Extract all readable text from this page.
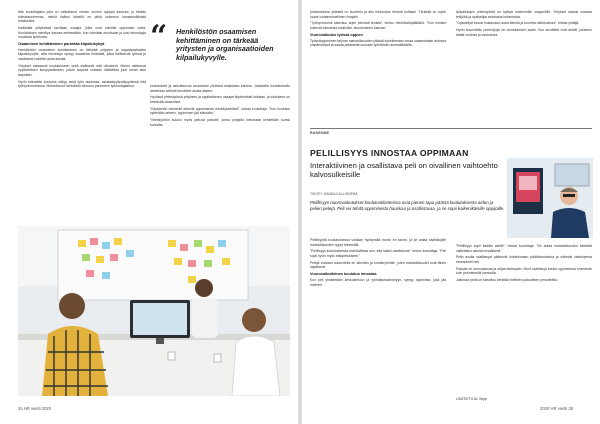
lelle kouluttajaksi joka on vaikuttanut monen nuoren oppijan kasvuun ja heidän tulevaisuuteensa, minkä lisäksi hänellä on pitkä kokemus kansainvälisistä hankkeista.

Kaikkialla yrityksissä tarvitaan osaajia, jotka ovat valmiita oppimaan uutta. Koulutuksen merkitys kasvaa entisestään, kun toimialat muuttuvat ja uusi teknologia muokkaa työnkuvia.

Osaamisen kehittäminen parantaa kilpailukykyä

Henkilöstön osaamisen kehittäminen on tärkeää yritysten ja organisaatioiden kilpailukyvylle, sillä menestys syntyy osaavista ihmisistä, jotka hallitsevat työnsä ja uskaltavat kokeilla uusia asioita.

Yritykset satsaavat koulutukseen sekä sisäisesti että ulkoisesti. Monet valitsevat oppilaitoksen kumppanikseen, jolloin tarjonta voidaan räätälöidä juuri oman alan tarpeisiin.

Hyvin toteutettu koulutus näkyy sekä työn laadussa, asiakastyytyväisyydessä että työhyvinvoinnissa. Motivoitunut henkilöstö sitoutuu paremmin työnantajaansa.

“ Henkilöstön osaamisen kehittäminen on tärkeää yritysten ja organisaatioiden kilpailukyvylle.

koulutukset ja vaikuttavuus arvioidaan yhdessä asiakkaan kanssa. Jokaiselle koulutukselle asetetaan selkeät tavoitteet alusta alkaen.

Hyvässä yhteistyössä yrityksen ja oppilaitoksen osaajat täydentävät toisiaan, ja tuloksena on kestävää osaamista.

”Käytännön esimerkit tekevät oppimisesta merkityksellistä”, toteaa kouluttaja. ”Kun koulutus kytketään arkeen, oppiminen jää elämään.”

Yhteistyöhön kuuluu myös jatkuva palaute, jonka pohjalta toteutusta kehitetään kurssi kurssilta.

34 HR viesti 2020

johtamisessa yhteistä on kuuntelu ja aito kiinnostus ihmisiä kohtaan. Tärkeää on myös luoda luottamuksellinen ilmapiiri.

”Työhyvinvointi rakentuu arjen pienistä teoista”, kertoo henkilöstöpäällikkö. ”Kun ihmiset kokevat tulevansa kuulluiksi, sitoutuminen kasvaa.”

Vuorovaikutus työssä oppien

Työssäoppiminen tarjoaa mahdollisuuden päästä kokeilemaan omaa osaamistaan aidossa ympäristössä ja saada palautetta suoraan työelämän ammattilaisilta.

työpaikkojen yhteistyöstä on hyötyä molemmille osapuolille. Yritykset saavat osaavia tekijöitä ja opiskelijat arvokasta kokemusta.

”Opiskelijat tuovat mukanaan uusia ideoita ja tuoretta näkökulmaa”, toteaa yrittäjä.

Hyvin suunniteltu perehdytys on onnistumisen avain. Kun tavoitteet ovat selvät, jokainen tietää roolinsa ja vastuunsa.

RAKENNE
PELILLISYYS INNOSTAA OPPIMAAN
Interaktiivinen ja osallistava peli on oivallinen vaihtoehto kalvosulkeisille
TEKSTI: HANNA KALLIONPÄÄ
Pelillisyys nuorovaikutukset koulutustilanteissa ovat pienen tapa päästä koulutuksesta aidon ja pelien pelejä. Peli voi tehdä oppimisesta hauskaa ja osallistavaa, ja se sopii kaikenikäisille oppijoille.

Pelillisyyttä koulutuksessa voidaan hyödyntää monin eri tavoin, ja se antaa osallistujille mahdollisuuden oppia tekemällä.

”Pelillisyys koulutuksessa mahdollistaa sen, että kaikki osallistuvat”, kertoo kouluttaja. ”Peli sopii hyvin myös etäopetukseen.”

Pelejä voidaan suunnitella eri aiheisiin ja kohderyhmille, joten mahdollisuudet ovat lähes rajattomat.

Vuorovaikutteinen koulutus innostaa

Kun peli yhdistetään keskusteluun ja ryhmätyöskentelyyn, syntyy oppimista, joka jää mieleen.

”Pelillisyys sopii kaikille aloille”, toteaa kouluttaja. ”Se antaa mahdollisuuden käsitellä vaikeitakin asioita turvallisesti.”

Pelin avulla osallistujat pääsevät kokeilemaan päätöksentekoa ja näkevät valintojensa seuraukset heti.

Palaute on kannustavaa ja ohjaa eteenpäin. Moni osallistuja kertoo oppineensa enemmän kuin perinteisellä luennolla.

Jatkossa peliä on tarkoitus kehittää edelleen palautteen perusteella.

LISÄTIETOJA: Sepp
2020 HR viesti 35
